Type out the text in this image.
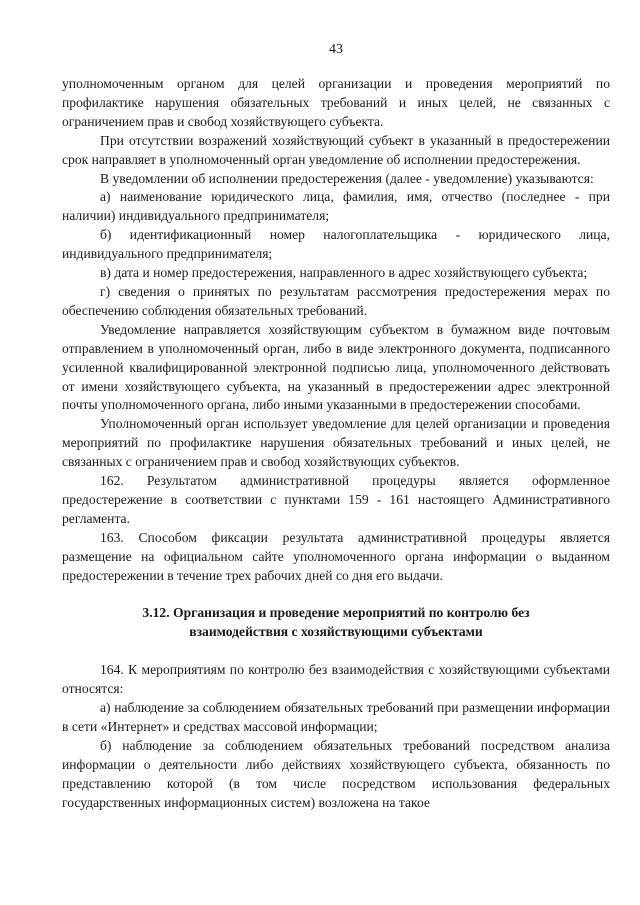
43

уполномоченным органом для целей организации и проведения мероприятий по профилактике нарушения обязательных требований и иных целей, не связанных с ограничением прав и свобод хозяйствующего субъекта.

При отсутствии возражений хозяйствующий субъект в указанный в предостережении срок направляет в уполномоченный орган уведомление об исполнении предостережения.

В уведомлении об исполнении предостережения (далее - уведомление) указываются:

а) наименование юридического лица, фамилия, имя, отчество (последнее - при наличии) индивидуального предпринимателя;

б) идентификационный номер налогоплательщика - юридического лица, индивидуального предпринимателя;

в) дата и номер предостережения, направленного в адрес хозяйствующего субъекта;

г) сведения о принятых по результатам рассмотрения предостережения мерах по обеспечению соблюдения обязательных требований.

Уведомление направляется хозяйствующим субъектом в бумажном виде почтовым отправлением в уполномоченный орган, либо в виде электронного документа, подписанного усиленной квалифицированной электронной подписью лица, уполномоченного действовать от имени хозяйствующего субъекта, на указанный в предостережении адрес электронной почты уполномоченного органа, либо иными указанными в предостережении способами.

Уполномоченный орган использует уведомление для целей организации и проведения мероприятий по профилактике нарушения обязательных требований и иных целей, не связанных с ограничением прав и свобод хозяйствующих субъектов.

162. Результатом административной процедуры является оформленное предостережение в соответствии с пунктами 159 - 161 настоящего Административного регламента.

163. Способом фиксации результата административной процедуры является размещение на официальном сайте уполномоченного органа информации о выданном предостережении в течение трех рабочих дней со дня его выдачи.

3.12. Организация и проведение мероприятий по контролю без
взаимодействия с хозяйствующими субъектами

164. К мероприятиям по контролю без взаимодействия с хозяйствующими субъектами относятся:

а) наблюдение за соблюдением обязательных требований при размещении информации в сети «Интернет» и средствах массовой информации;

б) наблюдение за соблюдением обязательных требований посредством анализа информации о деятельности либо действиях хозяйствующего субъекта, обязанность по представлению которой (в том числе посредством использования федеральных государственных информационных систем) возложена на такое
